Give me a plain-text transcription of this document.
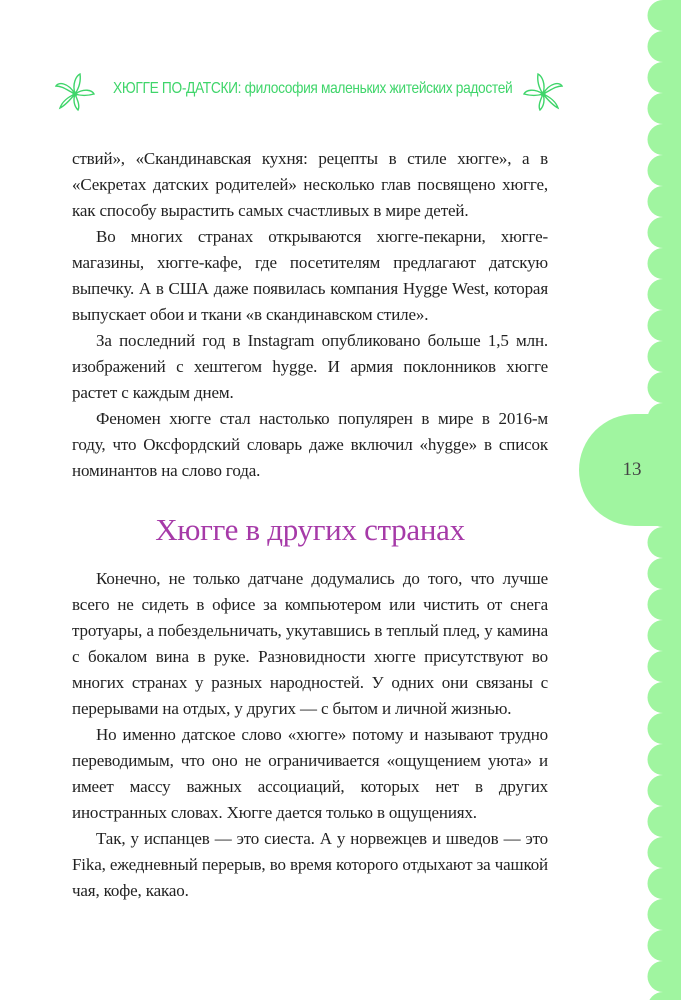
13
ХЮГГЕ ПО-ДАТСКИ: философия маленьких житейских радостей

ствий», «Скандинавская кухня: рецепты в стиле хюгге», а в «Секретах датских родителей» несколько глав посвящено хюгге, как способу вырастить самых счастливых в мире детей.

Во многих странах открываются хюгге-пекарни, хюгге-магазины, хюгге-кафе, где посетителям предлагают датскую выпечку. А в США даже появилась компания Hygge West, которая выпускает обои и ткани «в скандинавском стиле».

За последний год в Instagram опубликовано больше 1,5 млн. изображений с хештегом hygge. И армия поклонников хюгге растет с каждым днем.

Феномен хюгге стал настолько популярен в мире в 2016-м году, что Оксфордский словарь даже включил «hygge» в список номинантов на слово года.

Хюгге в других странах

Конечно, не только датчане додумались до того, что лучше всего не сидеть в офисе за компьютером или чистить от снега тротуары, а побездельничать, укутавшись в теплый плед, у камина с бокалом вина в руке. Разновидности хюгге присутствуют во многих странах у разных народностей. У одних они связаны с перерывами на отдых, у других — с бытом и личной жизнью.

Но именно датское слово «хюгге» потому и называют трудно переводимым, что оно не ограничивается «ощущением уюта» и имеет массу важных ассоциаций, которых нет в других иностранных словах. Хюгге дается только в ощущениях.

Так, у испанцев — это сиеста. А у норвежцев и шведов — это Fika, ежедневный перерыв, во время которого отдыхают за чашкой чая, кофе, какао.
